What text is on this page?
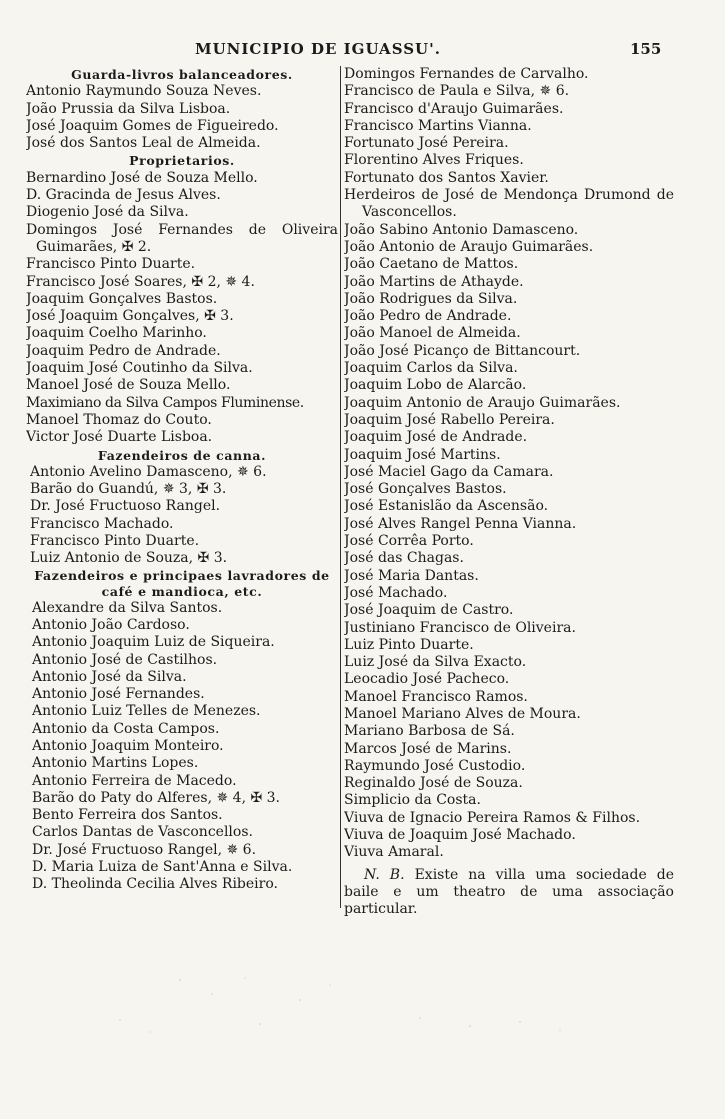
MUNICIPIO DE IGUASSU'.	155
Guarda-livros balanceadores.
Antonio Raymundo Souza Neves.
João Prussia da Silva Lisboa.
José Joaquim Gomes de Figueiredo.
José dos Santos Leal de Almeida.
Proprietarios.
Bernardino José de Souza Mello.
D. Gracinda de Jesus Alves.
Diogenio José da Silva.
Domingos José Fernandes de Oliveira Guimarães, ✠ 2.
Francisco Pinto Duarte.
Francisco José Soares, ✠ 2, ✵ 4.
Joaquim Gonçalves Bastos.
José Joaquim Gonçalves, ✠ 3.
Joaquim Coelho Marinho.
Joaquim Pedro de Andrade.
Joaquim José Coutinho da Silva.
Manoel José de Souza Mello.
Maximiano da Silva Campos Fluminense.
Manoel Thomaz do Couto.
Victor José Duarte Lisboa.
Fazendeiros de canna.
Antonio Avelino Damasceno, ✵ 6.
Barão do Guandú, ✵ 3, ✠ 3.
Dr. José Fructuoso Rangel.
Francisco Machado.
Francisco Pinto Duarte.
Luiz Antonio de Souza, ✠ 3.
Fazendeiros e principaes lavradores de café e mandioca, etc.
Alexandre da Silva Santos.
Antonio João Cardoso.
Antonio Joaquim Luiz de Siqueira.
Antonio José de Castilhos.
Antonio José da Silva.
Antonio José Fernandes.
Antonio Luiz Telles de Menezes.
Antonio da Costa Campos.
Antonio Joaquim Monteiro.
Antonio Martins Lopes.
Antonio Ferreira de Macedo.
Barão do Paty do Alferes, ✵ 4, ✠ 3.
Bento Ferreira dos Santos.
Carlos Dantas de Vasconcellos.
Dr. José Fructuoso Rangel, ✵ 6.
D. Maria Luiza de Sant'Anna e Silva.
D. Theolinda Cecilia Alves Ribeiro.
Domingos Fernandes de Carvalho.
Francisco de Paula e Silva, ✵ 6.
Francisco d'Araujo Guimarães.
Francisco Martins Vianna.
Fortunato José Pereira.
Florentino Alves Friques.
Fortunato dos Santos Xavier.
Herdeiros de José de Mendonça Drumond de Vasconcellos.
João Sabino Antonio Damasceno.
João Antonio de Araujo Guimarães.
João Caetano de Mattos.
João Martins de Athayde.
João Rodrigues da Silva.
João Pedro de Andrade.
João Manoel de Almeida.
João José Picanço de Bittancourt.
Joaquim Carlos da Silva.
Joaquim Lobo de Alarcão.
Joaquim Antonio de Araujo Guimarães.
Joaquim José Rabello Pereira.
Joaquim José de Andrade.
Joaquim José Martins.
José Maciel Gago da Camara.
José Gonçalves Bastos.
José Estanislão da Ascensão.
José Alves Rangel Penna Vianna.
José Corrêa Porto.
José das Chagas.
José Maria Dantas.
José Machado.
José Joaquim de Castro.
Justiniano Francisco de Oliveira.
Luiz Pinto Duarte.
Luiz José da Silva Exacto.
Leocadio José Pacheco.
Manoel Francisco Ramos.
Manoel Mariano Alves de Moura.
Mariano Barbosa de Sá.
Marcos José de Marins.
Raymundo José Custodio.
Reginaldo José de Souza.
Simplicio da Costa.
Viuva de Ignacio Pereira Ramos & Filhos.
Viuva de Joaquim José Machado.
Viuva Amaral.
N. B. Existe na villa uma sociedade de baile e um theatro de uma associação particular.
